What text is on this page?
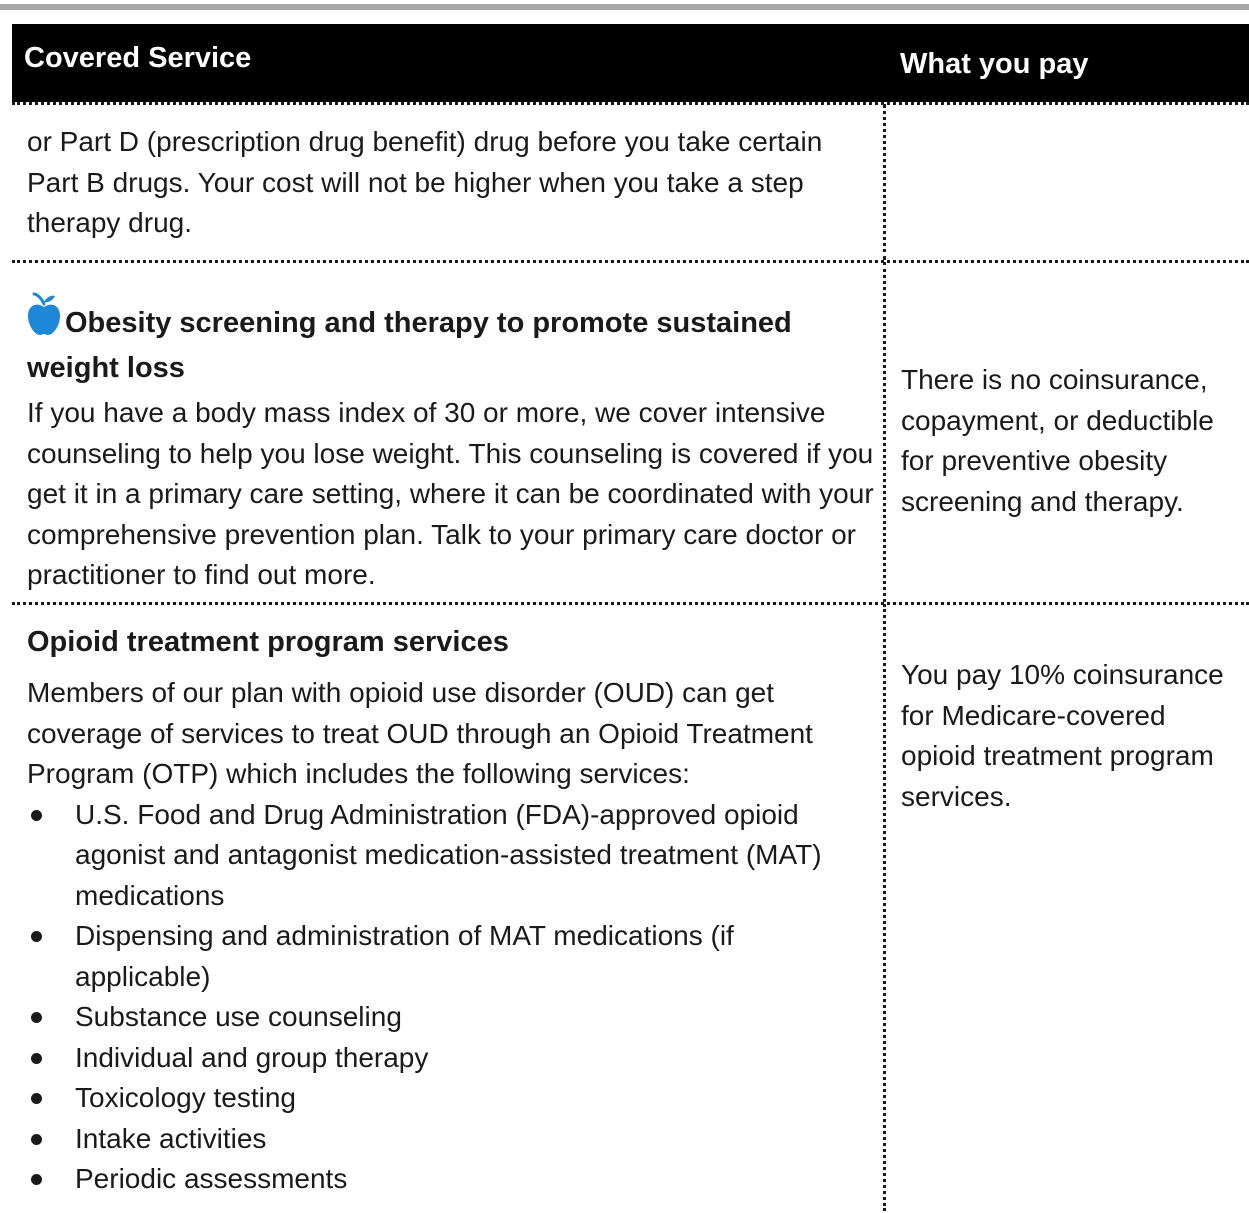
Covered Service	What you pay

or Part D (prescription drug benefit) drug before you take certain Part B drugs. Your cost will not be higher when you take a step therapy drug.

Obesity screening and therapy to promote sustained weight loss

If you have a body mass index of 30 or more, we cover intensive counseling to help you lose weight. This counseling is covered if you get it in a primary care setting, where it can be coordinated with your comprehensive prevention plan. Talk to your primary care doctor or practitioner to find out more.

There is no coinsurance, copayment, or deductible for preventive obesity screening and therapy.

Opioid treatment program services

Members of our plan with opioid use disorder (OUD) can get coverage of services to treat OUD through an Opioid Treatment Program (OTP) which includes the following services:

U.S. Food and Drug Administration (FDA)-approved opioid agonist and antagonist medication-assisted treatment (MAT) medications
Dispensing and administration of MAT medications (if applicable)
Substance use counseling
Individual and group therapy
Toxicology testing
Intake activities
Periodic assessments

You pay 10% coinsurance for Medicare-covered opioid treatment program services.
